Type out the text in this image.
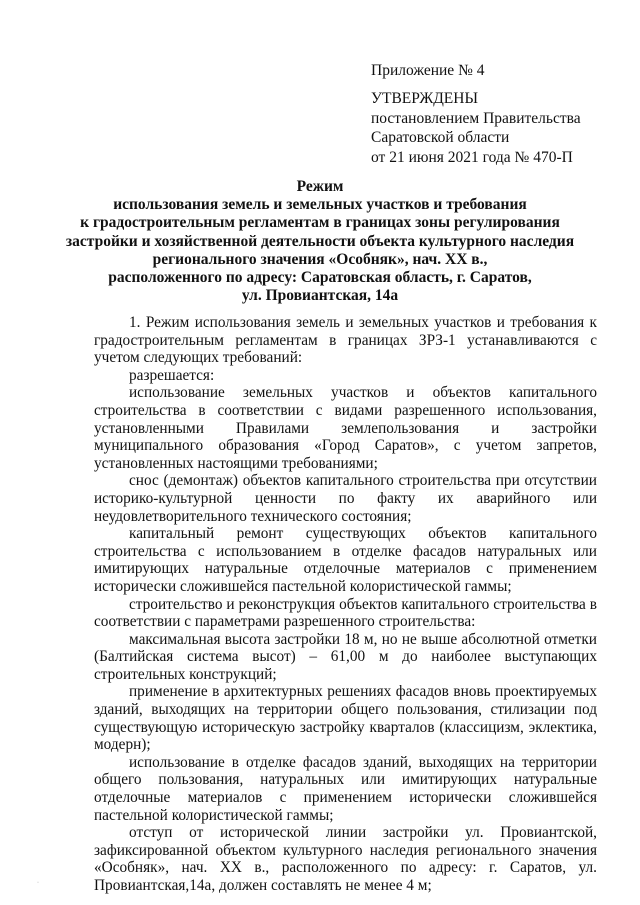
Приложение № 4
УТВЕРЖДЕНЫ
постановлением Правительства
Саратовской области
от 21 июня 2021 года № 470-П
Режим
использования земель и земельных участков и требования
к градостроительным регламентам в границах зоны регулирования
застройки и хозяйственной деятельности объекта культурного наследия
регионального значения «Особняк», нач. XX в.,
расположенного по адресу: Саратовская область, г. Саратов,
ул. Провиантская, 14а

1. Режим использования земель и земельных участков и требования к градостроительным регламентам в границах ЗРЗ-1 устанавливаются с учетом следующих требований:

разрешается:

использование земельных участков и объектов капитального строительства в соответствии с видами разрешенного использования, установленными Правилами землепользования и застройки муниципального образования «Город Саратов», с учетом запретов, установленных настоящими требованиями;

снос (демонтаж) объектов капитального строительства при отсутствии историко-культурной ценности по факту их аварийного или неудовлетворительного технического состояния;

капитальный ремонт существующих объектов капитального строительства с использованием в отделке фасадов натуральных или имитирующих натуральные отделочные материалов с применением исторически сложившейся пастельной колористической гаммы;

строительство и реконструкция объектов капитального строительства в соответствии с параметрами разрешенного строительства:

максимальная высота застройки 18 м, но не выше абсолютной отметки (Балтийская система высот) – 61,00 м до наиболее выступающих строительных конструкций;

применение в архитектурных решениях фасадов вновь проектируемых зданий, выходящих на территории общего пользования, стилизации под существующую историческую застройку кварталов (классицизм, эклектика, модерн);

использование в отделке фасадов зданий, выходящих на территории общего пользования, натуральных или имитирующих натуральные отделочные материалов с применением исторически сложившейся пастельной колористической гаммы;

отступ от исторической линии застройки ул. Провиантской, зафиксированной объектом культурного наследия регионального значения «Особняк», нач. XX в., расположенного по адресу: г. Саратов, ул. Провиантская,14а, должен составлять не менее 4 м;

·
